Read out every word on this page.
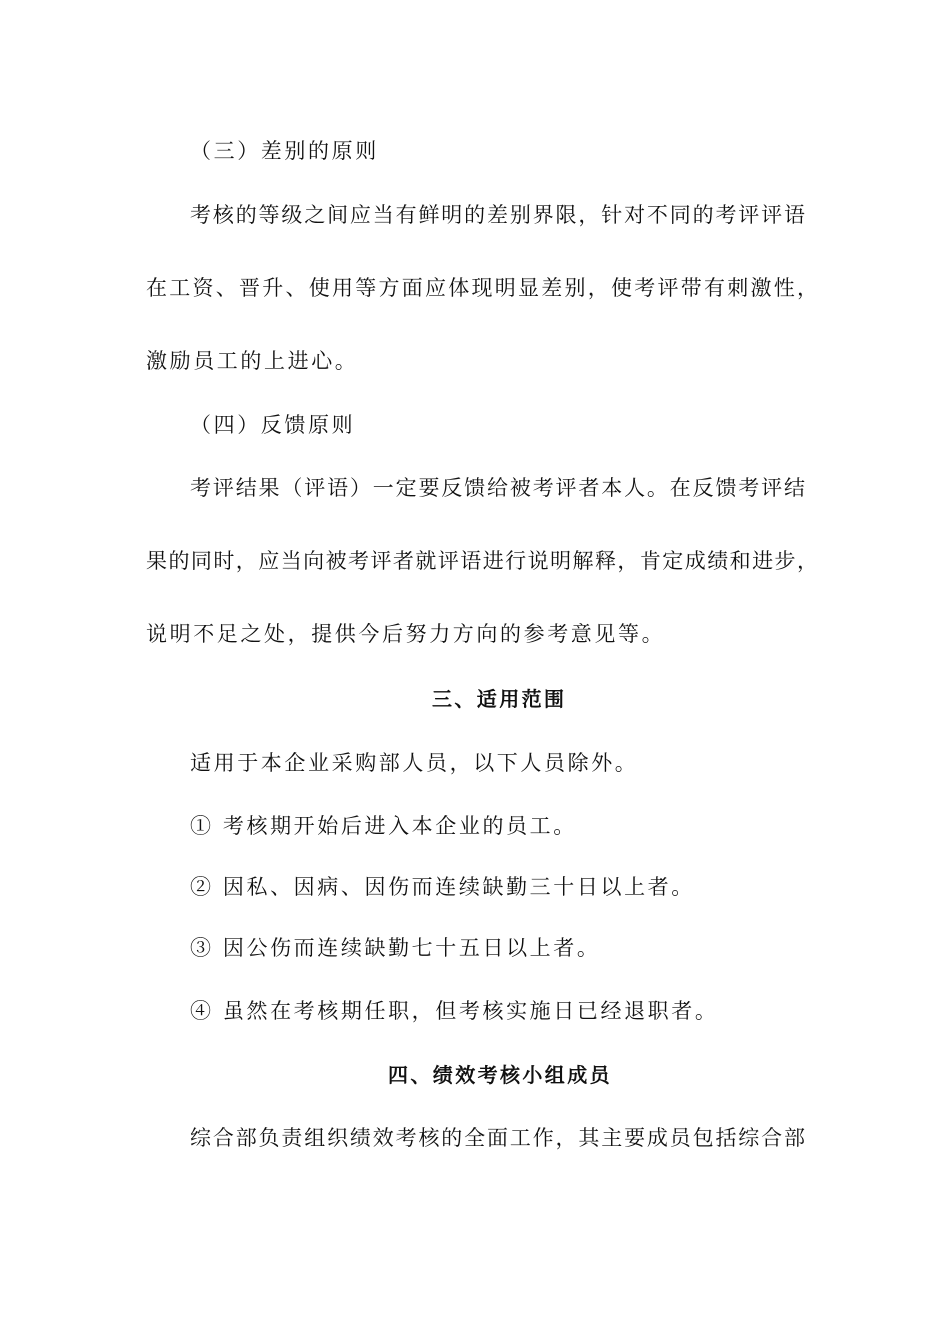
（三）差别的原则
考核的等级之间应当有鲜明的差别界限，针对不同的考评评语
在工资、晋升、使用等方面应体现明显差别，使考评带有刺激性，
激励员工的上进心。
（四）反馈原则
考评结果（评语）一定要反馈给被考评者本人。在反馈考评结
果的同时，应当向被考评者就评语进行说明解释，肯定成绩和进步，
说明不足之处，提供今后努力方向的参考意见等。
三、适用范围
适用于本企业采购部人员，以下人员除外。
① 考核期开始后进入本企业的员工。
② 因私、因病、因伤而连续缺勤三十日以上者。
③ 因公伤而连续缺勤七十五日以上者。
④ 虽然在考核期任职，但考核实施日已经退职者。
四、绩效考核小组成员
综合部负责组织绩效考核的全面工作，其主要成员包括综合部
